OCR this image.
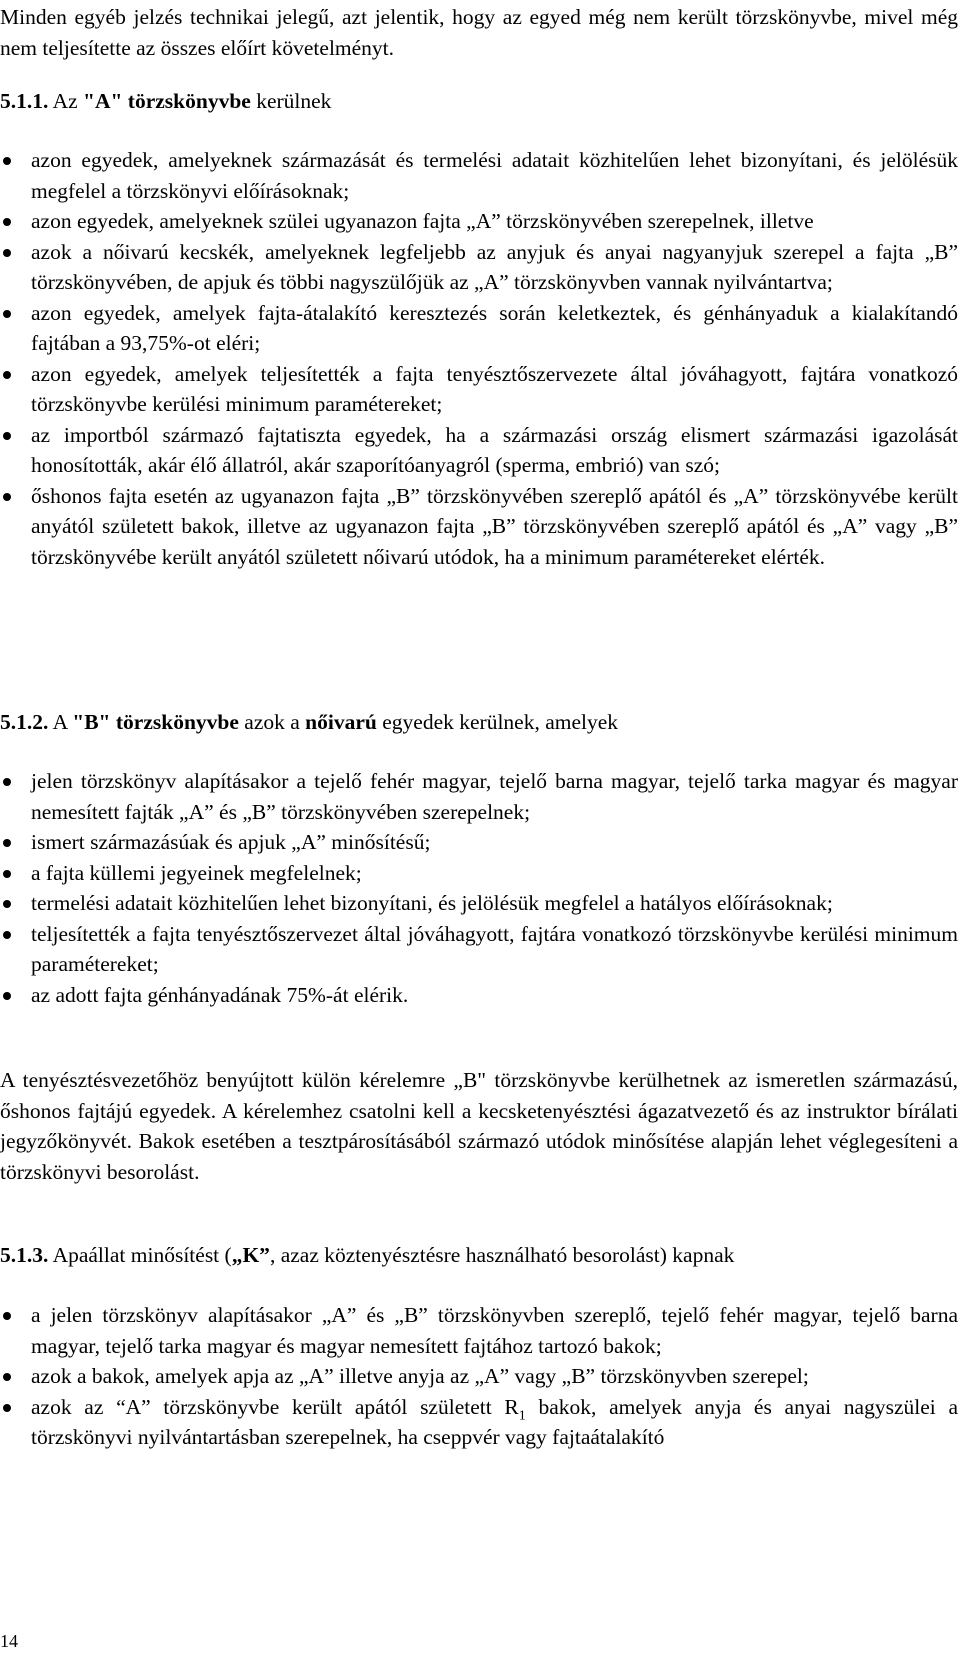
Minden egyéb jelzés technikai jelegű, azt jelentik, hogy az egyed még nem került törzskönyvbe, mivel még nem teljesítette az összes előírt követelményt.

5.1.1. Az "A" törzskönyvbe kerülnek

azon egyedek, amelyeknek származását és termelési adatait közhitelűen lehet bizonyítani, és jelölésük megfelel a törzskönyvi előírásoknak;
azon egyedek, amelyeknek szülei ugyanazon fajta „A” törzskönyvében szerepelnek, illetve
azok a nőivarú kecskék, amelyeknek legfeljebb az anyjuk és anyai nagyanyjuk szerepel a fajta „B” törzskönyvében, de apjuk és többi nagyszülőjük az „A” törzskönyvben vannak nyilvántartva;
azon egyedek, amelyek fajta-átalakító keresztezés során keletkeztek, és génhányaduk a kialakítandó fajtában a 93,75%-ot eléri;
azon egyedek, amelyek teljesítették a fajta tenyésztőszervezete által jóváhagyott, fajtára vonatkozó törzskönyvbe kerülési minimum paramétereket;
az importból származó fajtatiszta egyedek, ha a származási ország elismert származási igazolását honosították, akár élő állatról, akár szaporítóanyagról (sperma, embrió) van szó;
őshonos fajta esetén az ugyanazon fajta „B” törzskönyvében szereplő apától és „A” törzskönyvébe került anyától született bakok, illetve az ugyanazon fajta „B” törzskönyvében szereplő apától és „A” vagy „B” törzskönyvébe került anyától született nőivarú utódok, ha a minimum paramétereket elérték.

5.1.2. A "B" törzskönyvbe azok a nőivarú egyedek kerülnek, amelyek

jelen törzskönyv alapításakor a tejelő fehér magyar, tejelő barna magyar, tejelő tarka magyar és magyar nemesített fajták „A” és „B” törzskönyvében szerepelnek;
ismert származásúak és apjuk „A” minősítésű;
a fajta küllemi jegyeinek megfelelnek;
termelési adatait közhitelűen lehet bizonyítani, és jelölésük megfelel a hatályos előírásoknak;
teljesítették a fajta tenyésztőszervezet által jóváhagyott, fajtára vonatkozó törzskönyvbe kerülési minimum paramétereket;
az adott fajta génhányadának 75%-át elérik.

A tenyésztésvezetőhöz benyújtott külön kérelemre „B" törzskönyvbe kerülhetnek az ismeretlen származású, őshonos fajtájú egyedek. A kérelemhez csatolni kell a kecsketenyésztési ágazatvezető és az instruktor bírálati jegyzőkönyvét. Bakok esetében a tesztpárosításából származó utódok minősítése alapján lehet véglegesíteni a törzskönyvi besorolást.

5.1.3. Apaállat minősítést („K”, azaz köztenyésztésre használható besorolást) kapnak

a jelen törzskönyv alapításakor „A” és „B” törzskönyvben szereplő, tejelő fehér magyar, tejelő barna magyar, tejelő tarka magyar és magyar nemesített fajtához tartozó bakok;
azok a bakok, amelyek apja az „A” illetve anyja az „A” vagy „B” törzskönyvben szerepel;
azok az “A” törzskönyvbe került apától született $R_1$ bakok, amelyek anyja és anyai nagyszülei a törzskönyvi nyilvántartásban szerepelnek, ha cseppvér vagy fajtaátalakító
14
